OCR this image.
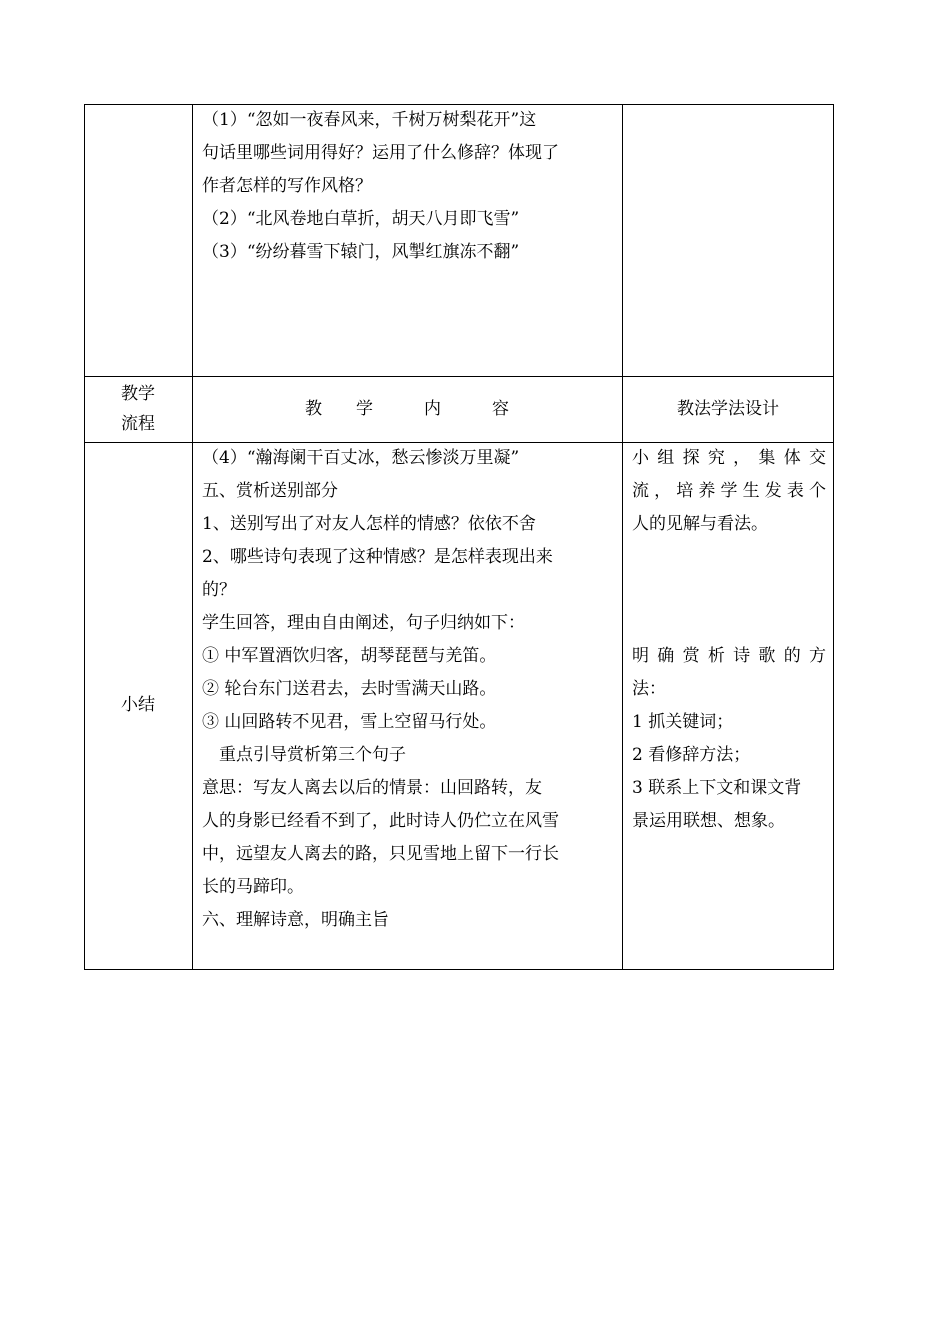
（1）“忽如一夜春风来，千树万树梨花开”这

句话里哪些词用得好？运用了什么修辞？体现了

作者怎样的写作风格？

（2）“北风卷地白草折，胡天八月即飞雪”

（3）“纷纷暮雪下辕门，风掣红旗冻不翻”

教学

流程

教　　学　　　内　　　容	教法学法设计
小结

（4）“瀚海阑干百丈冰，愁云惨淡万里凝”

五、赏析送别部分

1、送别写出了对友人怎样的情感？依依不舍

2、哪些诗句表现了这种情感？是怎样表现出来

的？

学生回答，理由自由阐述，句子归纳如下：

① 中军置酒饮归客，胡琴琵琶与羌笛。

② 轮台东门送君去，去时雪满天山路。

③ 山回路转不见君，雪上空留马行处。

　重点引导赏析第三个句子

意思：写友人离去以后的情景：山回路转，友

人的身影已经看不到了，此时诗人仍伫立在风雪

中，远望友人离去的路，只见雪地上留下一行长

长的马蹄印。

六、理解诗意，明确主旨

小组探究，集体交

流，培养学生发表个

人的见解与看法。

明确赏析诗歌的方

法：

1 抓关键词；

2 看修辞方法；

3 联系上下文和课文背

景运用联想、想象。
